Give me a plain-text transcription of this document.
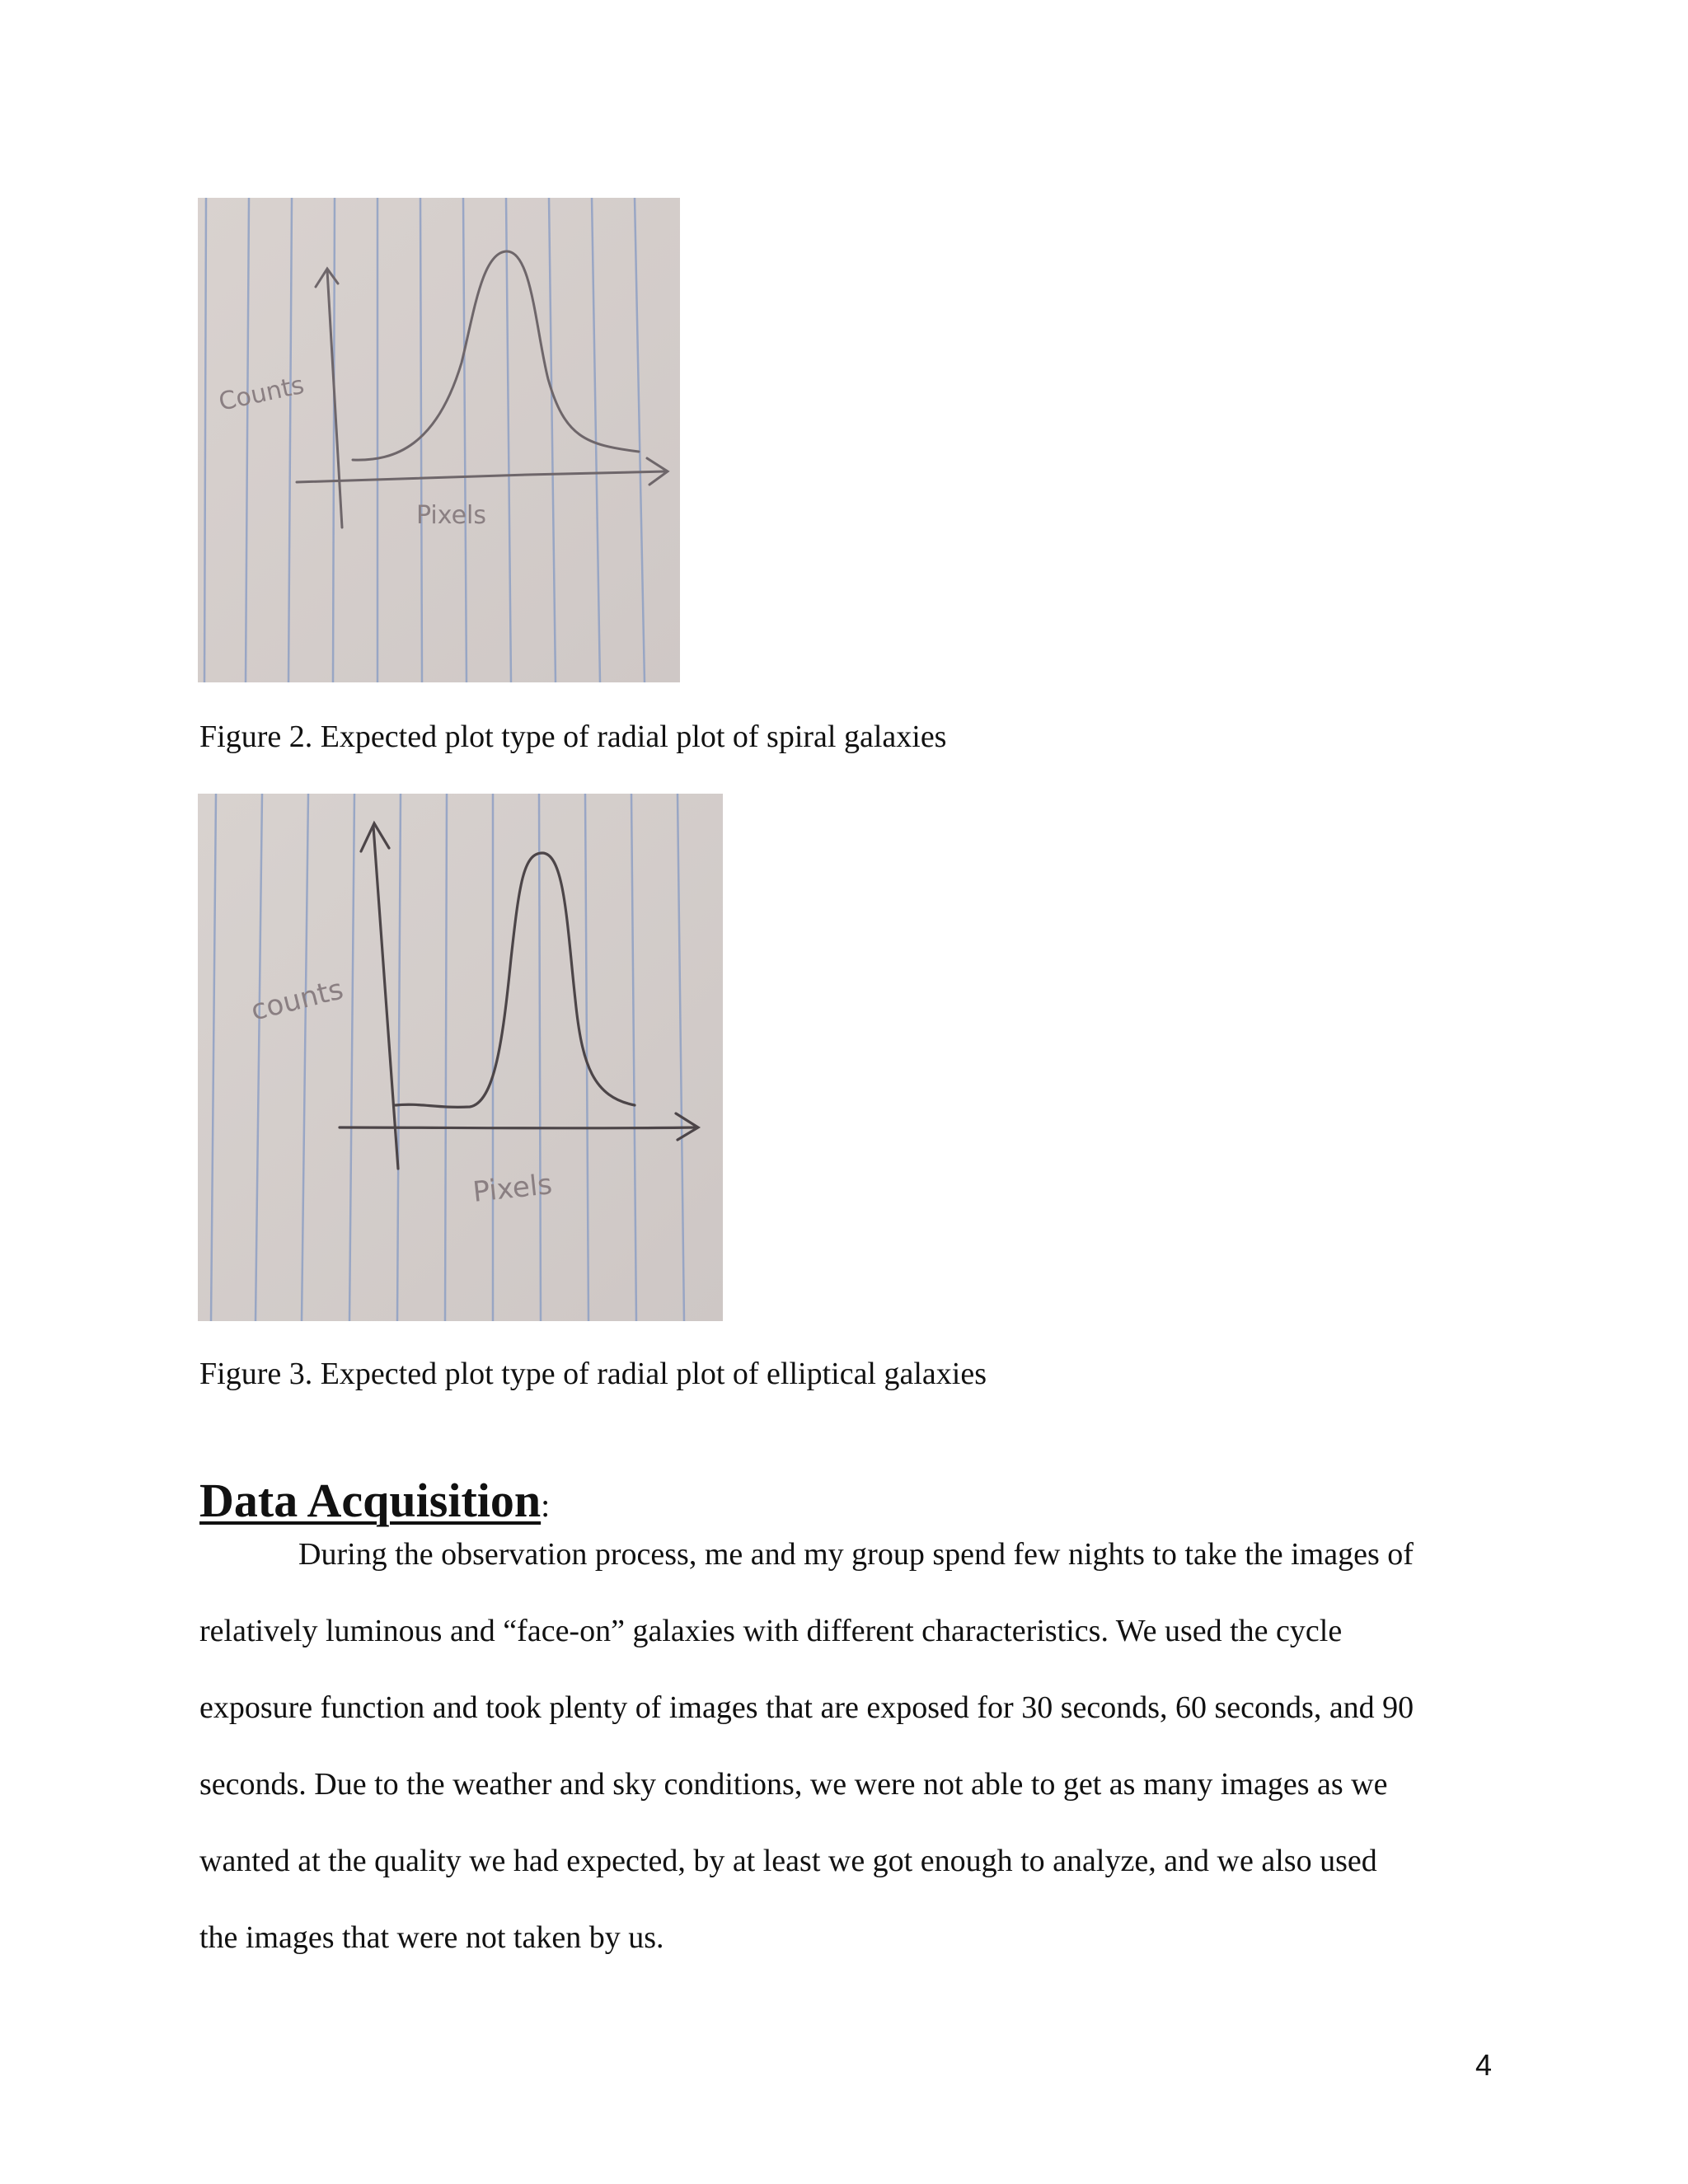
Counts
Pixels
Figure 2. Expected plot type of radial plot of spiral galaxies
counts
Pixels
Figure 3. Expected plot type of radial plot of elliptical galaxies
Data Acquisition:
During the observation process, me and my group spend few nights to take the images of
relatively luminous and “face-on” galaxies with different characteristics. We used the cycle
exposure function and took plenty of images that are exposed for 30 seconds, 60 seconds, and 90
seconds. Due to the weather and sky conditions, we were not able to get as many images as we
wanted at the quality we had expected, by at least we got enough to analyze, and we also used
the images that were not taken by us.
4
